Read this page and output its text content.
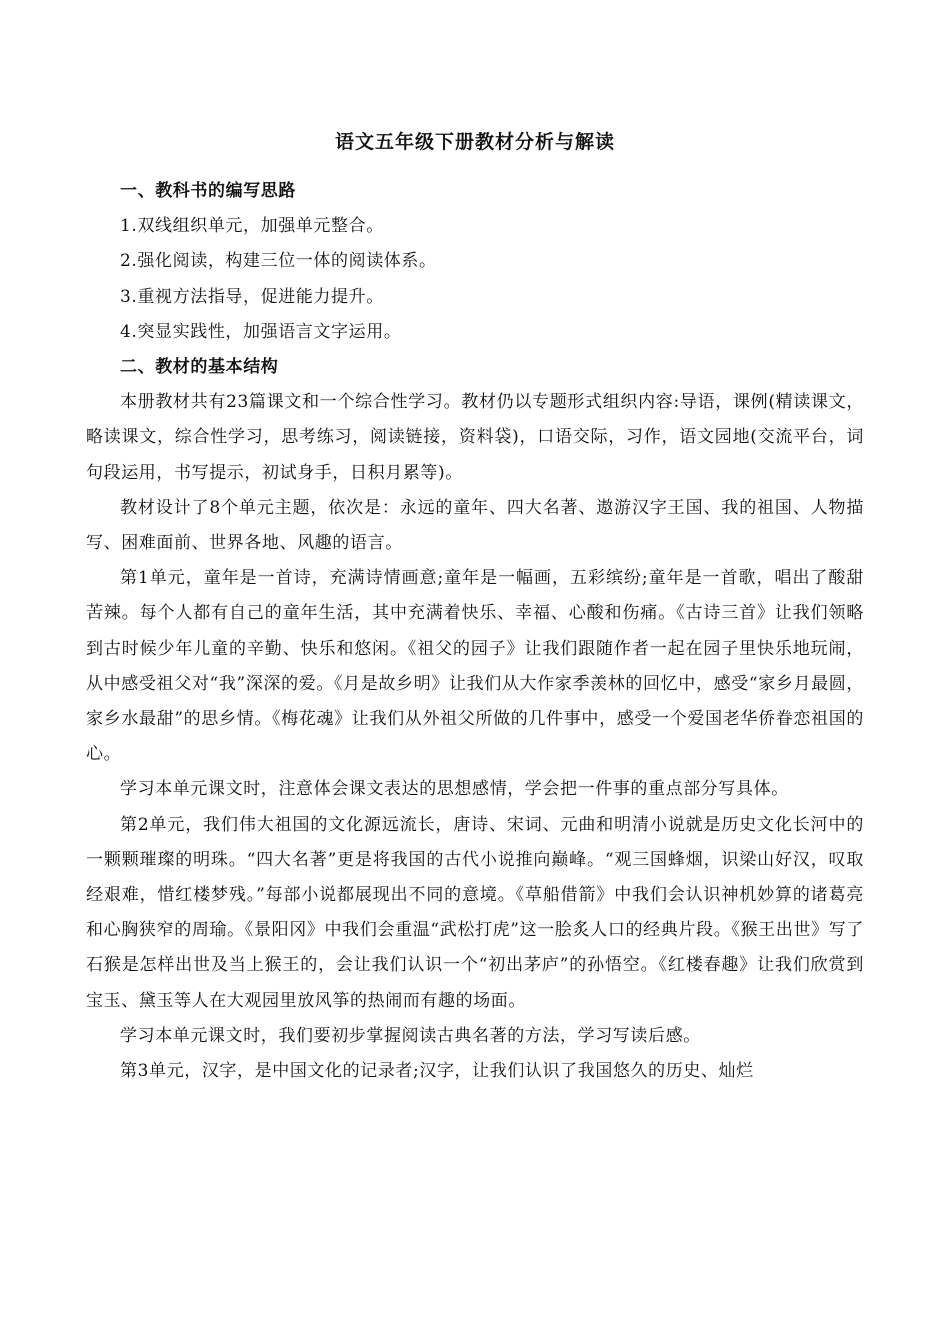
语文五年级下册教材分析与解读
一、教科书的编写思路

1.双线组织单元，加强单元整合。

2.强化阅读，构建三位一体的阅读体系。

3.重视方法指导，促进能力提升。

4.突显实践性，加强语言文字运用。

二、教材的基本结构

本册教材共有23篇课文和一个综合性学习。教材仍以专题形式组织内容:导语，课例(精读课文，略读课文，综合性学习，思考练习，阅读链接，资料袋)，口语交际，习作，语文园地(交流平台，词句段运用，书写提示，初试身手，日积月累等)。

教材设计了8个单元主题，依次是：永远的童年、四大名著、遨游汉字王国、我的祖国、人物描写、困难面前、世界各地、风趣的语言。

第1单元，童年是一首诗，充满诗情画意;童年是一幅画，五彩缤纷;童年是一首歌，唱出了酸甜苦辣。每个人都有自己的童年生活，其中充满着快乐、幸福、心酸和伤痛。《古诗三首》让我们领略到古时候少年儿童的辛勤、快乐和悠闲。《祖父的园子》让我们跟随作者一起在园子里快乐地玩闹，从中感受祖父对“我”深深的爱。《月是故乡明》让我们从大作家季羡林的回忆中，感受“家乡月最圆，家乡水最甜”的思乡情。《梅花魂》让我们从外祖父所做的几件事中，感受一个爱国老华侨眷恋祖国的心。

学习本单元课文时，注意体会课文表达的思想感情，学会把一件事的重点部分写具体。

第2单元，我们伟大祖国的文化源远流长，唐诗、宋词、元曲和明清小说就是历史文化长河中的一颗颗璀璨的明珠。“四大名著”更是将我国的古代小说推向巅峰。“观三国蜂烟，识梁山好汉，叹取经艰难，惜红楼梦残。”每部小说都展现出不同的意境。《草船借箭》中我们会认识神机妙算的诸葛亮和心胸狭窄的周瑜。《景阳冈》中我们会重温“武松打虎”这一脍炙人口的经典片段。《猴王出世》写了石猴是怎样出世及当上猴王的，会让我们认识一个“初出茅庐”的孙悟空。《红楼春趣》让我们欣赏到宝玉、黛玉等人在大观园里放风筝的热闹而有趣的场面。

学习本单元课文时，我们要初步掌握阅读古典名著的方法，学习写读后感。

第3单元，汉字，是中国文化的记录者;汉字，让我们认识了我国悠久的历史、灿烂
